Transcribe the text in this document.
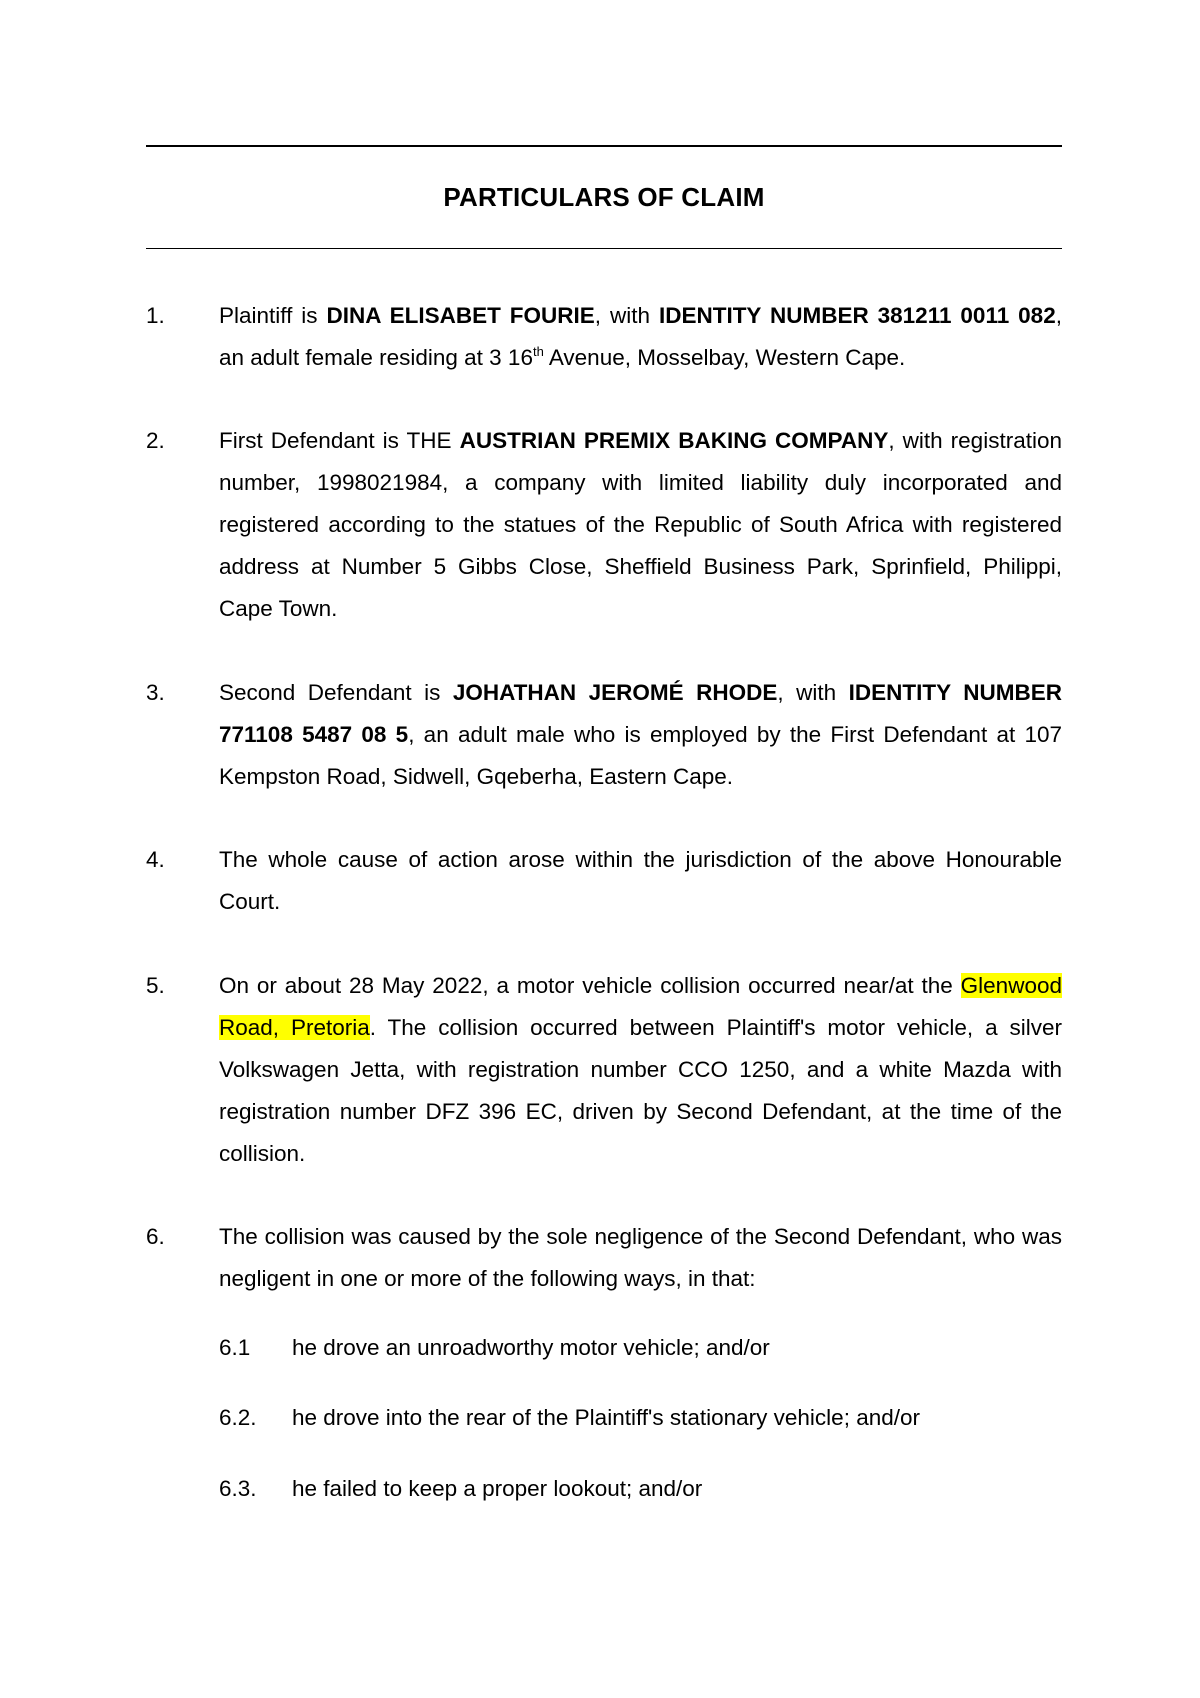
PARTICULARS OF CLAIM
1. Plaintiff is DINA ELISABET FOURIE, with IDENTITY NUMBER 381211 0011 082, an adult female residing at 3 16th Avenue, Mosselbay, Western Cape.
2. First Defendant is THE AUSTRIAN PREMIX BAKING COMPANY, with registration number, 1998021984, a company with limited liability duly incorporated and registered according to the statues of the Republic of South Africa with registered address at Number 5 Gibbs Close, Sheffield Business Park, Sprinfield, Philippi, Cape Town.
3. Second Defendant is JOHATHAN JEROMÉ RHODE, with IDENTITY NUMBER 771108 5487 08 5, an adult male who is employed by the First Defendant at 107 Kempston Road, Sidwell, Gqeberha, Eastern Cape.
4. The whole cause of action arose within the jurisdiction of the above Honourable Court.
5. On or about 28 May 2022, a motor vehicle collision occurred near/at the Glenwood Road, Pretoria. The collision occurred between Plaintiff's motor vehicle, a silver Volkswagen Jetta, with registration number CCO 1250, and a white Mazda with registration number DFZ 396 EC, driven by Second Defendant, at the time of the collision.
6. The collision was caused by the sole negligence of the Second Defendant, who was negligent in one or more of the following ways, in that:
6.1 he drove an unroadworthy motor vehicle; and/or
6.2. he drove into the rear of the Plaintiff's stationary vehicle; and/or
6.3. he failed to keep a proper lookout; and/or
